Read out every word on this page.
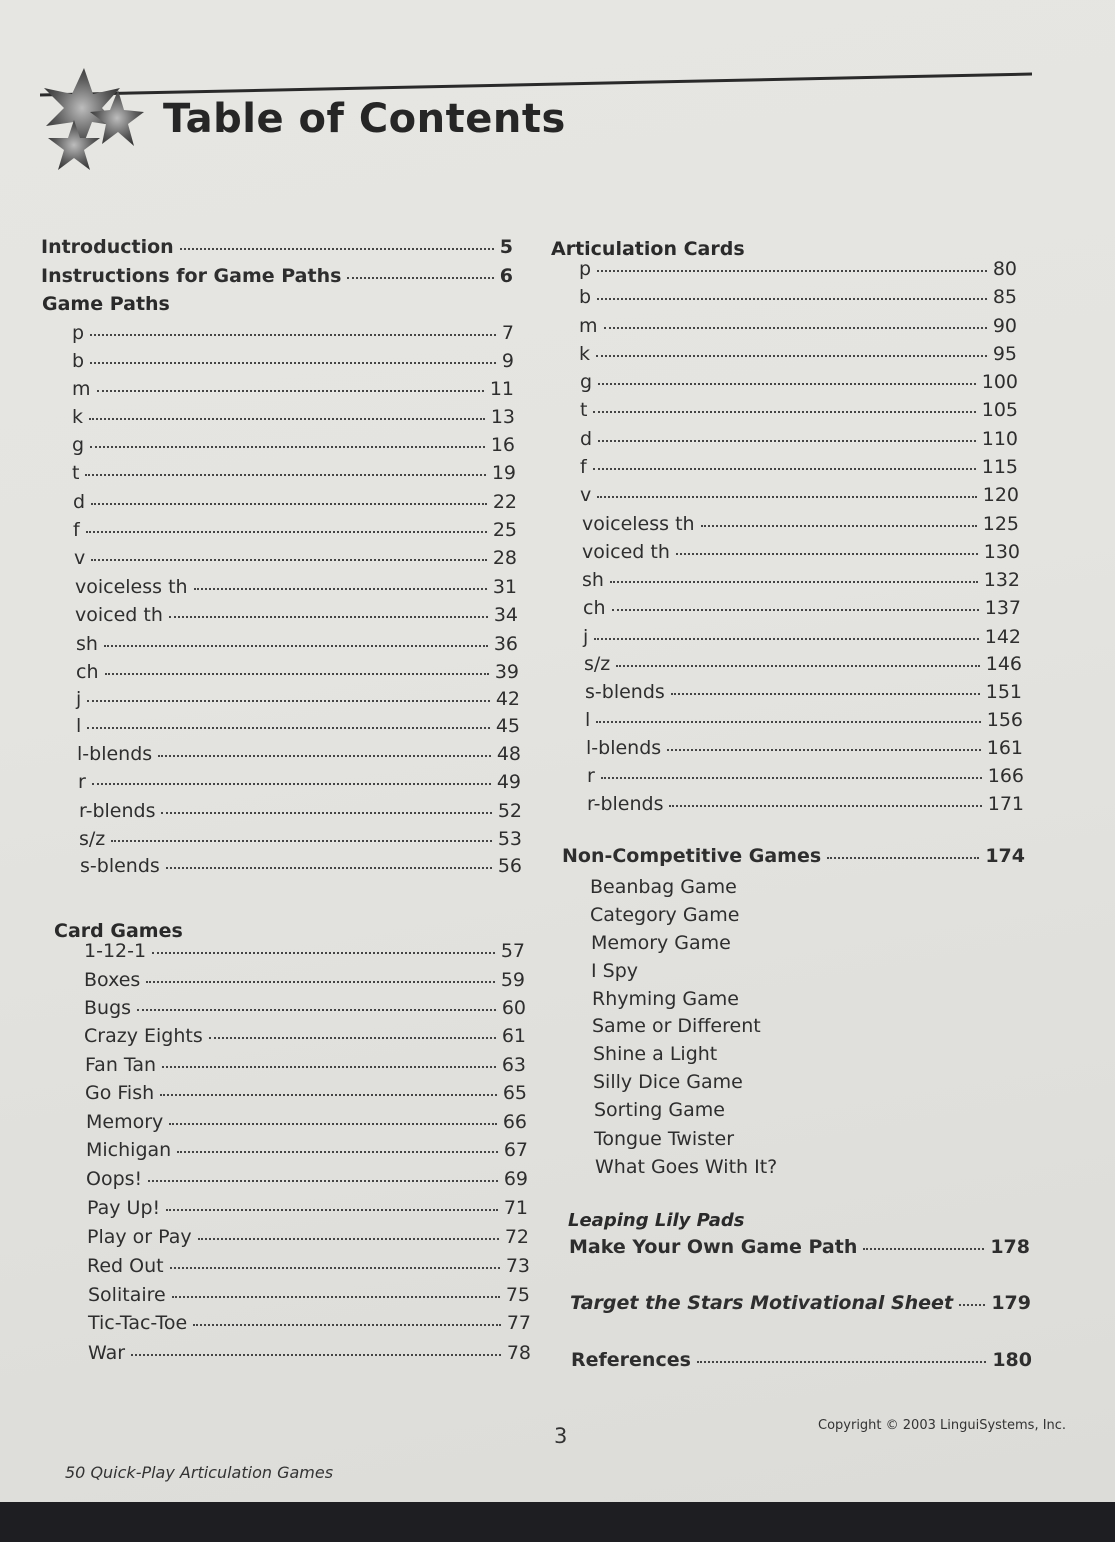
Table of Contents
Introduction	5
Instructions for Game Paths	6
Game Paths
p	7
b	9
m	11
k	13
g	16
t	19
d	22
f	25
v	28
voiceless th	31
voiced th	34
sh	36
ch	39
j	42
l	45
l-blends	48
r	49
r-blends	52
s/z	53
s-blends	56
Card Games
1-12-1	57
Boxes	59
Bugs	60
Crazy Eights	61
Fan Tan	63
Go Fish	65
Memory	66
Michigan	67
Oops!	69
Pay Up!	71
Play or Pay	72
Red Out	73
Solitaire	75
Tic-Tac-Toe	77
War	78
Articulation Cards
p	80
b	85
m	90
k	95
g	100
t	105
d	110
f	115
v	120
voiceless th	125
voiced th	130
sh	132
ch	137
j	142
s/z	146
s-blends	151
l	156
l-blends	161
r	166
r-blends	171
Non-Competitive Games	174
Beanbag Game
Category Game
Memory Game
I Spy
Rhyming Game
Same or Different
Shine a Light
Silly Dice Game
Sorting Game
Tongue Twister
What Goes With It?
Leaping Lily Pads
Make Your Own Game Path	178
Target the Stars Motivational Sheet 179
References	180
3	Copyright © 2003 LinguiSystems, Inc.
50 Quick-Play Articulation Games
